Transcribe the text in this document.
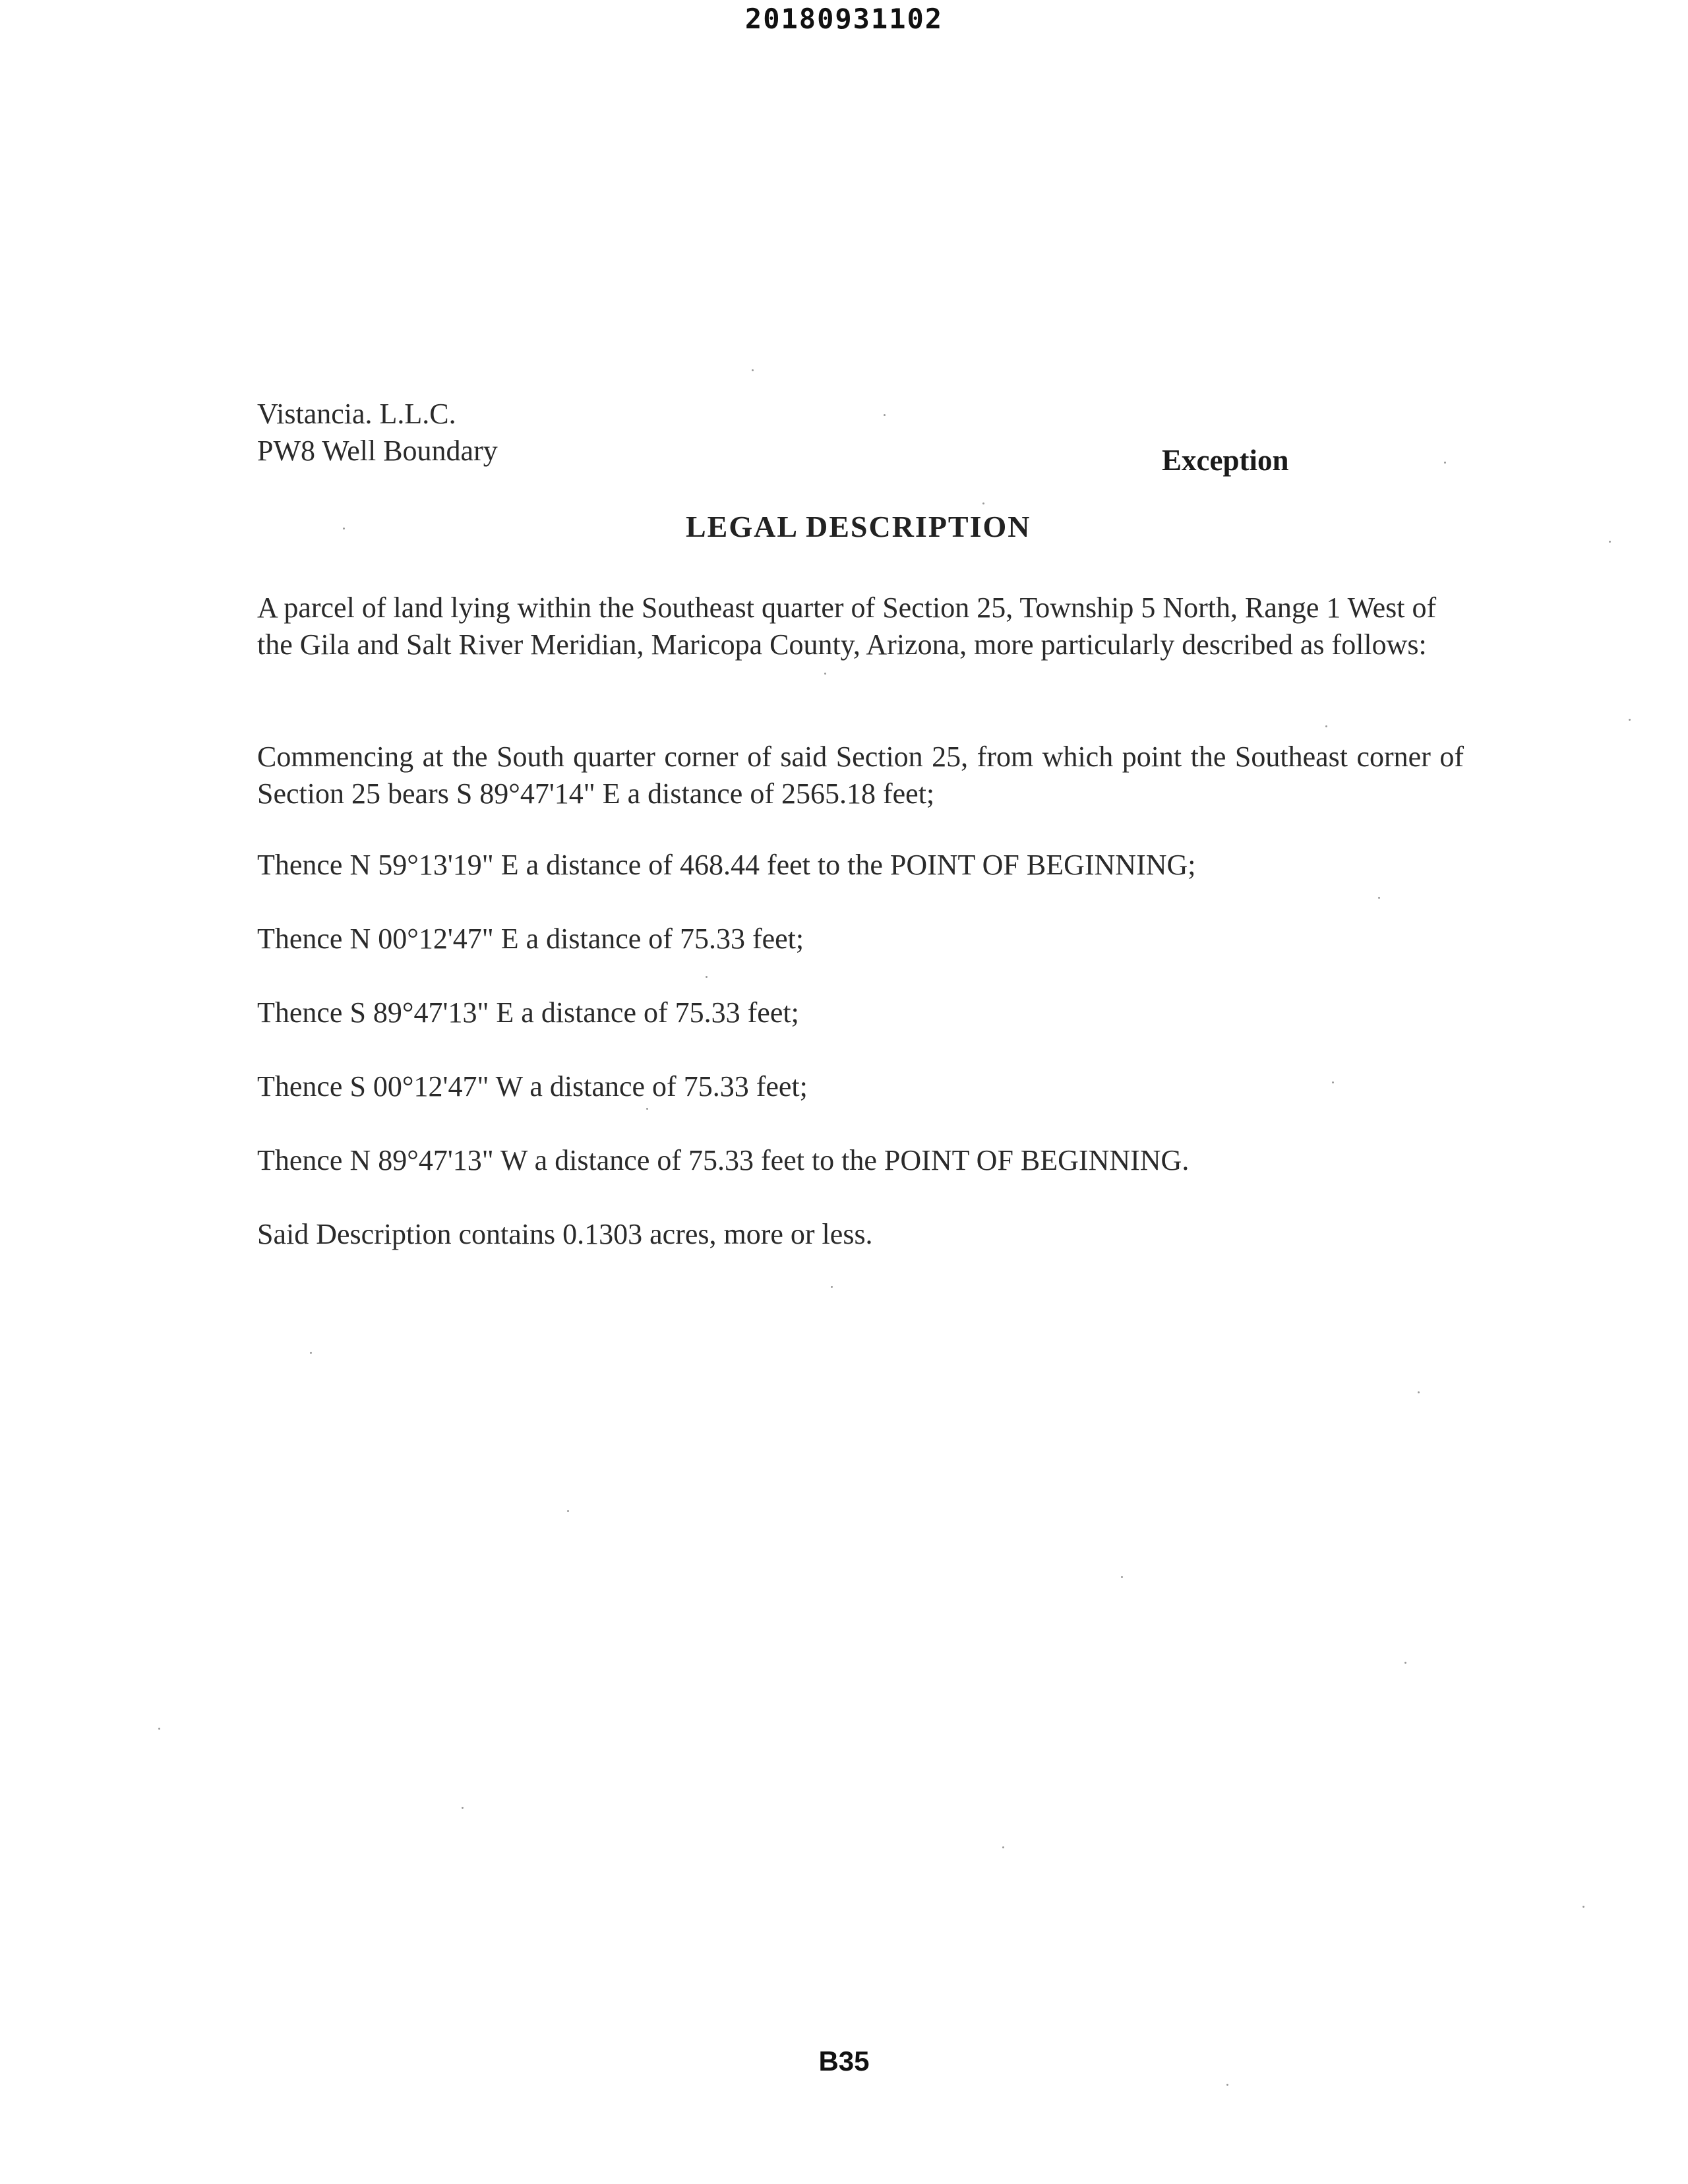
20180931102
Vistancia. L.L.C.
PW8 Well Boundary	Exception
LEGAL DESCRIPTION
A parcel of land lying within the Southeast quarter of Section 25, Township 5 North, Range 1 West of the Gila and Salt River Meridian, Maricopa County, Arizona, more particularly described as follows:
Commencing at the South quarter corner of said Section 25, from which point the Southeast corner of Section 25 bears S 89°47'14" E a distance of 2565.18 feet;
Thence N 59°13'19" E a distance of 468.44 feet to the POINT OF BEGINNING;
Thence N 00°12'47" E a distance of 75.33 feet;
Thence S 89°47'13" E a distance of 75.33 feet;
Thence S 00°12'47" W a distance of 75.33 feet;
Thence N 89°47'13" W a distance of 75.33 feet to the POINT OF BEGINNING.
Said Description contains 0.1303 acres, more or less.
B35
